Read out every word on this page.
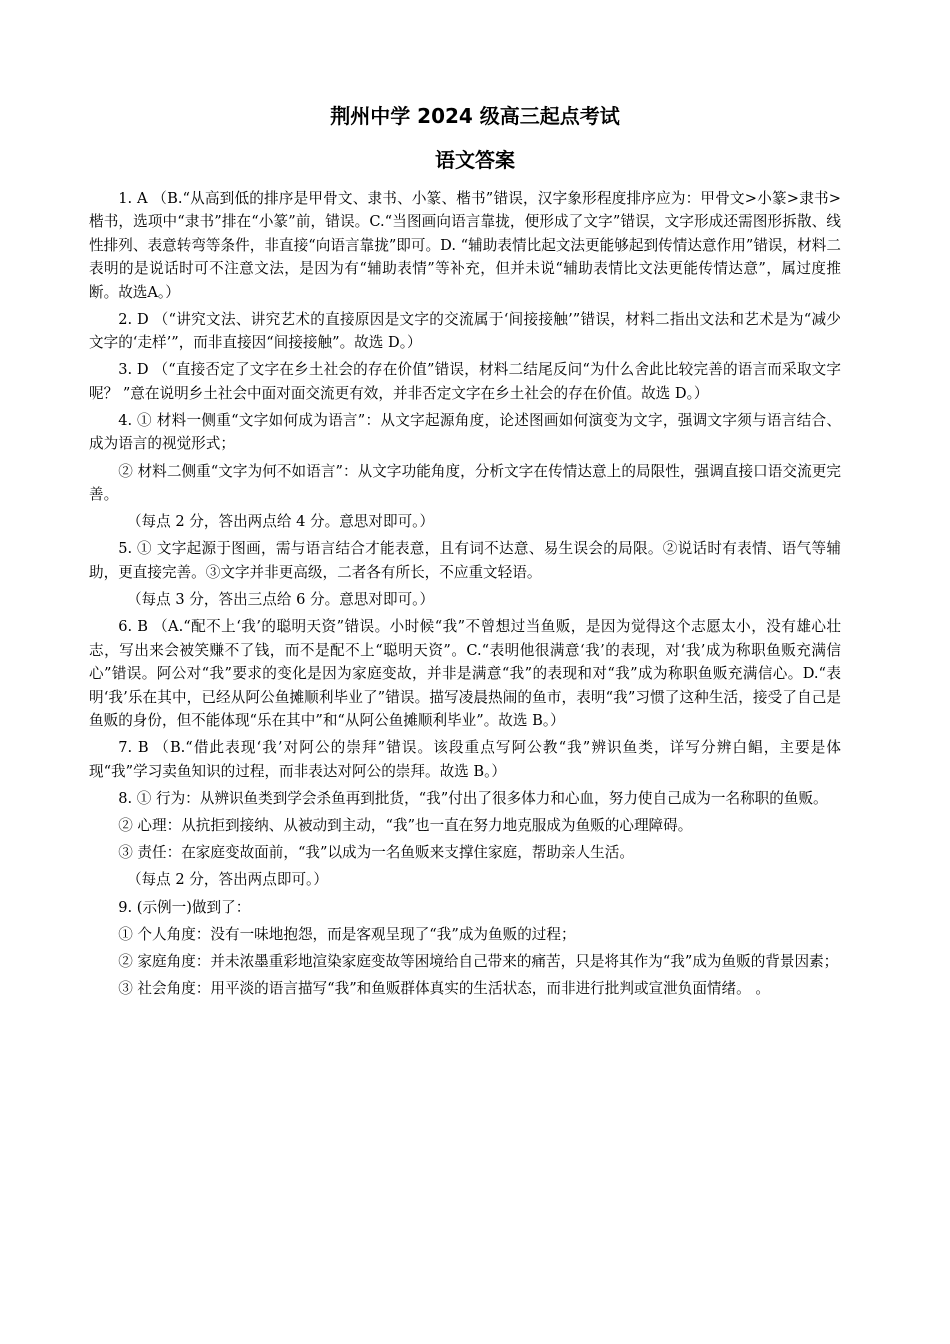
荆州中学 2024 级高三起点考试
语文答案

1. A （B.“从高到低的排序是甲骨文、隶书、小篆、楷书”错误，汉字象形程度排序应为：甲骨文>小篆>隶书>楷书，选项中“隶书”排在“小篆”前，错误。C.“当图画向语言靠拢，便形成了文字”错误，文字形成还需图形拆散、线性排列、表意转弯等条件，非直接“向语言靠拢”即可。D. “辅助表情比起文法更能够起到传情达意作用”错误，材料二表明的是说话时可不注意文法，是因为有“辅助表情”等补充，但并未说“辅助表情比文法更能传情达意”，属过度推断。故选A。）

2. D （“讲究文法、讲究艺术的直接原因是文字的交流属于‘间接接触’”错误，材料二指出文法和艺术是为“减少文字的‘走样’”，而非直接因“间接接触”。故选 D。）

3. D （“直接否定了文字在乡土社会的存在价值”错误，材料二结尾反问“为什么舍此比较完善的语言而采取文字呢？ ”意在说明乡土社会中面对面交流更有效，并非否定文字在乡土社会的存在价值。故选 D。）

4. ① 材料一侧重“文字如何成为语言”：从文字起源角度，论述图画如何演变为文字，强调文字须与语言结合、成为语言的视觉形式；

② 材料二侧重“文字为何不如语言”：从文字功能角度，分析文字在传情达意上的局限性，强调直接口语交流更完善。

（每点 2 分，答出两点给 4 分。意思对即可。）

5. ① 文字起源于图画，需与语言结合才能表意，且有词不达意、易生误会的局限。②说话时有表情、语气等辅助，更直接完善。③文字并非更高级，二者各有所长，不应重文轻语。

（每点 3 分，答出三点给 6 分。意思对即可。）

6. B （A.“配不上‘我’的聪明天资”错误。小时候“我”不曾想过当鱼贩，是因为觉得这个志愿太小，没有雄心壮志，写出来会被笑赚不了钱，而不是配不上“聪明天资”。C.“表明他很满意‘我’的表现，对‘我’成为称职鱼贩充满信心”错误。阿公对“我”要求的变化是因为家庭变故，并非是满意“我”的表现和对“我”成为称职鱼贩充满信心。D.“表明‘我’乐在其中，已经从阿公鱼摊顺利毕业了”错误。描写凌晨热闹的鱼市，表明“我”习惯了这种生活，接受了自己是鱼贩的身份，但不能体现“乐在其中”和“从阿公鱼摊顺利毕业”。故选 B。）

7. B （B.“借此表现‘我’对阿公的崇拜”错误。该段重点写阿公教“我”辨识鱼类，详写分辨白鲳，主要是体现“我”学习卖鱼知识的过程，而非表达对阿公的崇拜。故选 B。）

8. ① 行为：从辨识鱼类到学会杀鱼再到批货，“我”付出了很多体力和心血，努力使自己成为一名称职的鱼贩。

② 心理：从抗拒到接纳、从被动到主动，“我”也一直在努力地克服成为鱼贩的心理障碍。

③ 责任：在家庭变故面前，“我”以成为一名鱼贩来支撑住家庭，帮助亲人生活。

（每点 2 分，答出两点即可。）

9. (示例一)做到了：

① 个人角度：没有一味地抱怨，而是客观呈现了“我”成为鱼贩的过程；

② 家庭角度：并未浓墨重彩地渲染家庭变故等困境给自己带来的痛苦，只是将其作为“我”成为鱼贩的背景因素；

③ 社会角度：用平淡的语言描写“我”和鱼贩群体真实的生活状态，而非进行批判或宣泄负面情绪。 。
